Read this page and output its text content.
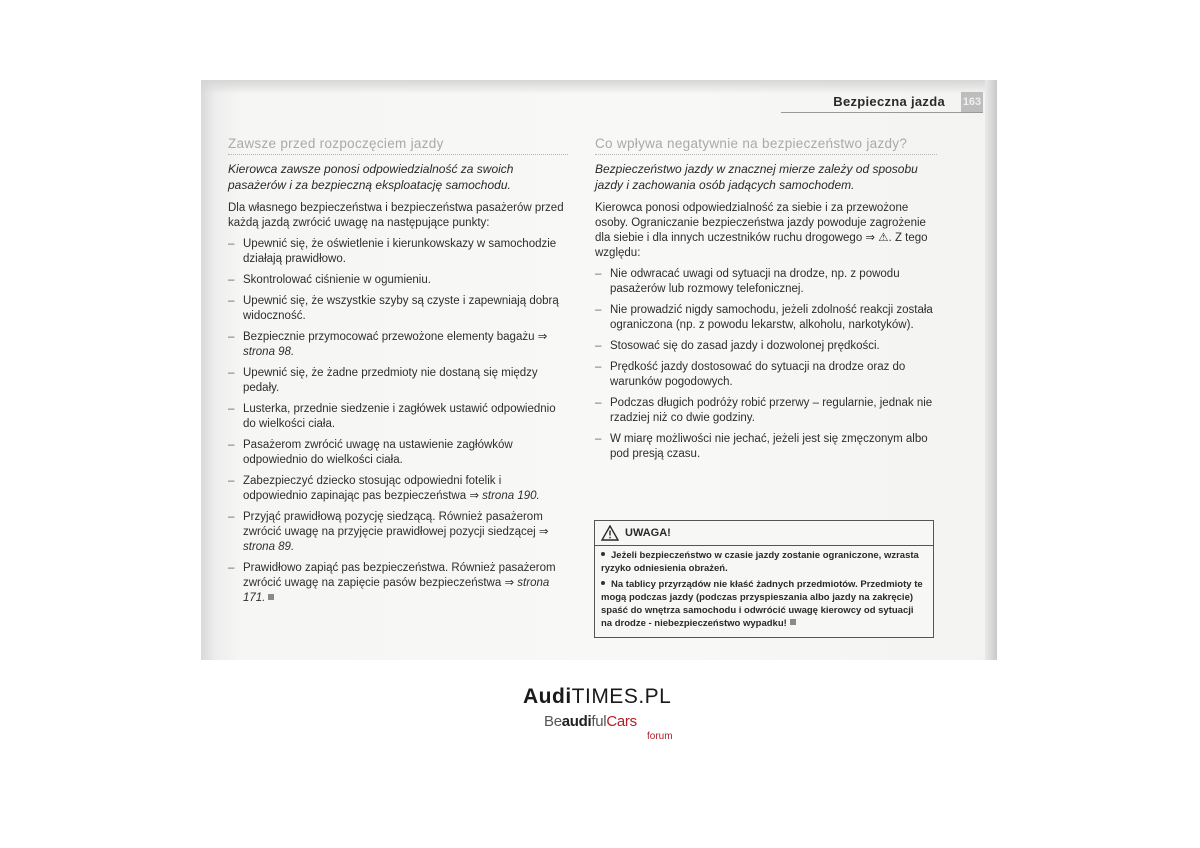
Bezpieczna jazda 163
Zawsze przed rozpoczęciem jazdy

Kierowca zawsze ponosi odpowiedzialność za swoich pasażerów i za bezpieczną eksploatację samochodu.

Dla własnego bezpieczeństwa i bezpieczeństwa pasażerów przed każdą jazdą zwrócić uwagę na następujące punkty:

– Upewnić się, że oświetlenie i kierunkowskazy w samochodzie działają prawidłowo.
– Skontrolować ciśnienie w ogumieniu.
– Upewnić się, że wszystkie szyby są czyste i zapewniają dobrą widoczność.
– Bezpiecznie przymocować przewożone elementy bagażu ⇒ strona 98.
– Upewnić się, że żadne przedmioty nie dostaną się między pedały.
– Lusterka, przednie siedzenie i zagłówek ustawić odpowiednio do wielkości ciała.
– Pasażerom zwrócić uwagę na ustawienie zagłówków odpowiednio do wielkości ciała.
– Zabezpieczyć dziecko stosując odpowiedni fotelik i odpowiednio zapinając pas bezpieczeństwa ⇒ strona 190.
– Przyjąć prawidłową pozycję siedzącą. Również pasażerom zwrócić uwagę na przyjęcie prawidłowej pozycji siedzącej ⇒ strona 89.
– Prawidłowo zapiąć pas bezpieczeństwa. Również pasażerom zwrócić uwagę na zapięcie pasów bezpieczeństwa ⇒ strona 171.
Co wpływa negatywnie na bezpieczeństwo jazdy?

Bezpieczeństwo jazdy w znacznej mierze zależy od sposobu jazdy i zachowania osób jadących samochodem.

Kierowca ponosi odpowiedzialność za siebie i za przewożone osoby. Ograniczanie bezpieczeństwa jazdy powoduje zagrożenie dla siebie i dla innych uczestników ruchu drogowego ⇒ ⚠. Z tego względu:

– Nie odwracać uwagi od sytuacji na drodze, np. z powodu pasażerów lub rozmowy telefonicznej.
– Nie prowadzić nigdy samochodu, jeżeli zdolność reakcji została ograniczona (np. z powodu lekarstw, alkoholu, narkotyków).
– Stosować się do zasad jazdy i dozwolonej prędkości.
– Prędkość jazdy dostosować do sytuacji na drodze oraz do warunków pogodowych.
– Podczas długich podróży robić przerwy – regularnie, jednak nie rzadziej niż co dwie godziny.
– W miarę możliwości nie jechać, jeżeli jest się zmęczonym albo pod presją czasu.
UWAGA!

Jeżeli bezpieczeństwo w czasie jazdy zostanie ograniczone, wzrasta ryzyko odniesienia obrażeń.

Na tablicy przyrządów nie kłaść żadnych przedmiotów. Przedmioty te mogą podczas jazdy (podczas przyspieszania albo jazdy na zakręcie) spaść do wnętrza samochodu i odwrócić uwagę kierowcy od sytuacji na drodze - niebezpieczeństwo wypadku!

AudiTIMES.PL
BeaudifulCars
forum
